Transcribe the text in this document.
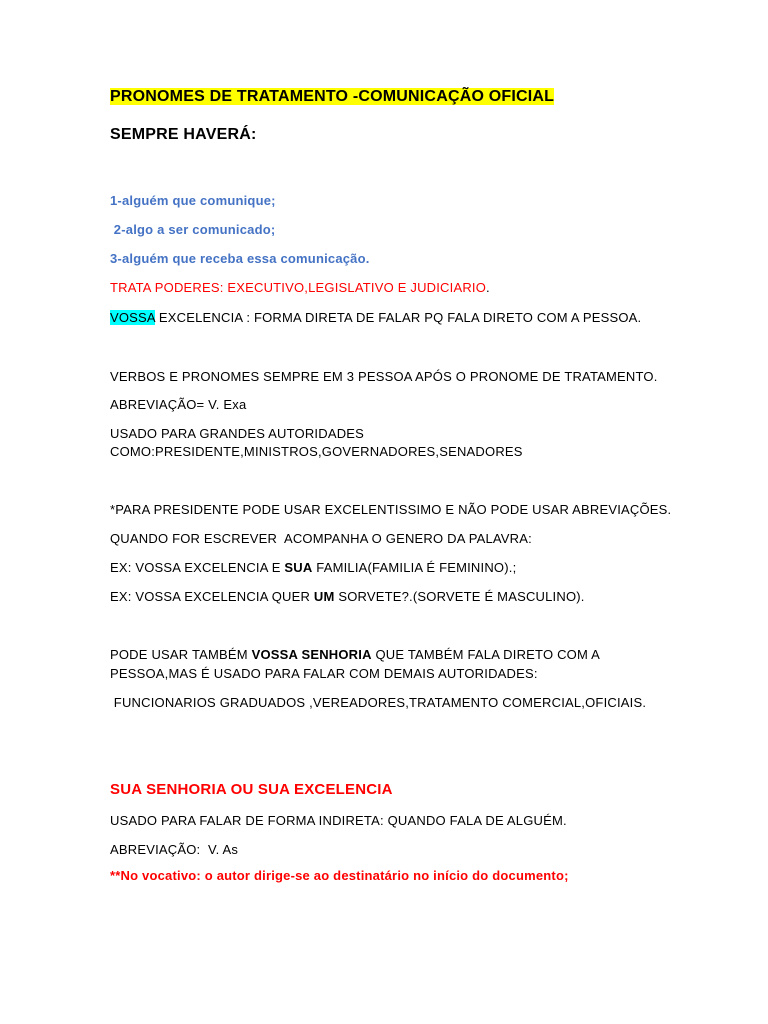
PRONOMES DE TRATAMENTO -COMUNICAÇÃO OFICIAL
SEMPRE HAVERÁ:
1-alguém que comunique;
2-algo a ser comunicado;
3-alguém que receba essa comunicação.
TRATA PODERES: EXECUTIVO,LEGISLATIVO E JUDICIARIO.
VOSSA EXCELENCIA : FORMA DIRETA DE FALAR PQ FALA DIRETO COM A PESSOA.
VERBOS E PRONOMES SEMPRE EM 3 PESSOA APÓS O PRONOME DE TRATAMENTO.
ABREVIAÇÃO= V. Exa
USADO PARA GRANDES AUTORIDADES
COMO:PRESIDENTE,MINISTROS,GOVERNADORES,SENADORES
*PARA PRESIDENTE PODE USAR EXCELENTISSIMO E NÃO PODE USAR ABREVIAÇÕES.
QUANDO FOR ESCREVER  ACOMPANHA O GENERO DA PALAVRA:
EX: VOSSA EXCELENCIA E SUA FAMILIA(FAMILIA É FEMININO).;
EX: VOSSA EXCELENCIA QUER UM SORVETE?.(SORVETE É MASCULINO).
PODE USAR TAMBÉM VOSSA SENHORIA QUE TAMBÉM FALA DIRETO COM A
PESSOA,MAS É USADO PARA FALAR COM DEMAIS AUTORIDADES:
FUNCIONARIOS GRADUADOS ,VEREADORES,TRATAMENTO COMERCIAL,OFICIAIS.
SUA SENHORIA OU SUA EXCELENCIA
USADO PARA FALAR DE FORMA INDIRETA: QUANDO FALA DE ALGUÉM.
ABREVIAÇÃO:  V. As
**No vocativo: o autor dirige-se ao destinatário no início do documento;
